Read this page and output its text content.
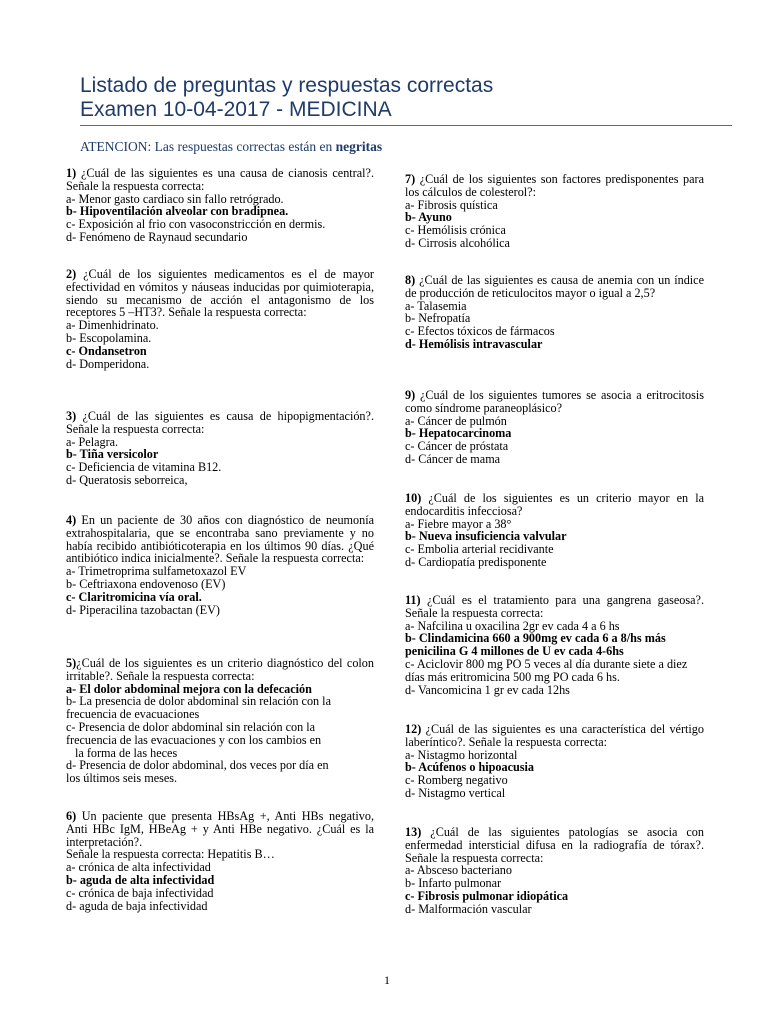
Listado de preguntas y respuestas correctas
Examen 10-04-2017 - MEDICINA
ATENCION: Las respuestas correctas están en negritas
1) ¿Cuál de las siguientes es una causa de cianosis central?. Señale la respuesta correcta:
a- Menor gasto cardiaco sin fallo retrógrado.
b- Hipoventilación alveolar con bradipnea.
c- Exposición al frio con vasoconstricción en dermis.
d- Fenómeno de Raynaud secundario
2) ¿Cuál de los siguientes medicamentos es el de mayor efectividad en vómitos y náuseas inducidas por quimioterapia, siendo su mecanismo de acción el antagonismo de los receptores 5 –HT3?. Señale la respuesta correcta:
a- Dimenhidrinato.
b- Escopolamina.
c- Ondansetron
d- Domperidona.
3) ¿Cuál de las siguientes es causa de hipopigmentación?. Señale la respuesta correcta:
a- Pelagra.
b- Tiña versicolor
c- Deficiencia de vitamina B12.
d- Queratosis seborreica,
4) En un paciente de 30 años con diagnóstico de neumonía extrahospitalaria, que se encontraba sano previamente y no había recibido antibióticoterapia en los últimos 90 días. ¿Qué antibiótico indica inicialmente?. Señale la respuesta correcta:
a- Trimetroprima sulfametoxazol EV
b- Ceftriaxona endovenoso (EV)
c- Claritromicina vía oral.
d- Piperacilina tazobactan (EV)
5)¿Cuál de los siguientes es un criterio diagnóstico del colon irritable?. Señale la respuesta correcta:
a- El dolor abdominal mejora con la defecación
b- La presencia de dolor abdominal sin relación con la
frecuencia de evacuaciones
c- Presencia de dolor abdominal sin relación con la
frecuencia de las evacuaciones y con los cambios en
la forma de las heces
d- Presencia de dolor abdominal, dos veces por día en
los últimos seis meses.
6) Un paciente que presenta HBsAg +, Anti HBs negativo, Anti HBc IgM, HBeAg + y Anti HBe negativo. ¿Cuál es la interpretación?.
Señale la respuesta correcta: Hepatitis B…
a- crónica de alta infectividad
b- aguda de alta infectividad
c- crónica de baja infectividad
d- aguda de baja infectividad
7) ¿Cuál de los siguientes son factores predisponentes para los cálculos de colesterol?:
a- Fibrosis quística
b- Ayuno
c- Hemólisis crónica
d- Cirrosis alcohólica
8) ¿Cuál de las siguientes es causa de anemia con un índice de producción de reticulocitos mayor o igual a 2,5?
a- Talasemia
b- Nefropatía
c- Efectos tóxicos de fármacos
d- Hemólisis intravascular
9) ¿Cuál de los siguientes tumores se asocia a eritrocitosis como síndrome paraneoplásico?
a- Cáncer de pulmón
b- Hepatocarcinoma
c- Cáncer de próstata
d- Cáncer de mama
10) ¿Cuál de los siguientes es un criterio mayor en la endocarditis infecciosa?
a- Fiebre mayor a 38°
b- Nueva insuficiencia valvular
c- Embolia arterial recidivante
d- Cardiopatía predisponente
11) ¿Cuál es el tratamiento para una gangrena gaseosa?. Señale la respuesta correcta:
a- Nafcilina u oxacilina 2gr ev cada 4 a 6 hs
b- Clindamicina 660 a 900mg ev cada 6 a 8/hs más penicilina G 4 millones de U ev cada 4-6hs
c- Aciclovir 800 mg PO 5 veces al día durante siete a diez días más eritromicina 500 mg PO cada 6 hs.
d- Vancomicina 1 gr ev cada 12hs
12) ¿Cuál de las siguientes es una característica del vértigo laberíntico?. Señale la respuesta correcta:
a- Nistagmo horizontal
b- Acúfenos o hipoacusia
c- Romberg negativo
d- Nistagmo vertical
13) ¿Cuál de las siguientes patologías se asocia con enfermedad intersticial difusa en la radiografía de tórax?. Señale la respuesta correcta:
a- Absceso bacteriano
b- Infarto pulmonar
c- Fibrosis pulmonar idiopática
d- Malformación vascular
1
